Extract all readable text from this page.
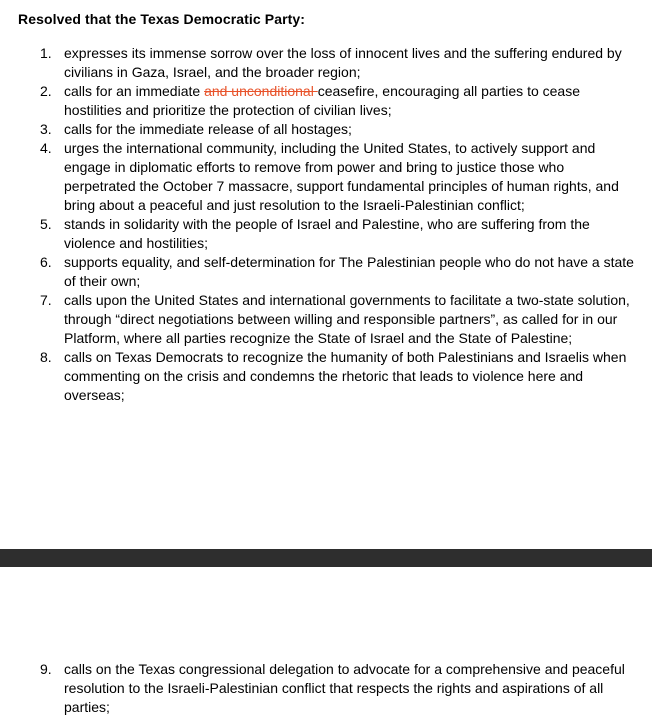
Resolved that the Texas Democratic Party:
1. expresses its immense sorrow over the loss of innocent lives and the suffering endured by civilians in Gaza, Israel, and the broader region;
2. calls for an immediate and unconditional ceasefire, encouraging all parties to cease hostilities and prioritize the protection of civilian lives;
3. calls for the immediate release of all hostages;
4. urges the international community, including the United States, to actively support and engage in diplomatic efforts to remove from power and bring to justice those who perpetrated the October 7 massacre, support fundamental principles of human rights, and bring about a peaceful and just resolution to the Israeli-Palestinian conflict;
5. stands in solidarity with the people of Israel and Palestine, who are suffering from the violence and hostilities;
6. supports equality, and self-determination for The Palestinian people who do not have a state of their own;
7. calls upon the United States and international governments to facilitate a two-state solution, through “direct negotiations between willing and responsible partners”, as called for in our Platform, where all parties recognize the State of Israel and the State of Palestine;
8. calls on Texas Democrats to recognize the humanity of both Palestinians and Israelis when commenting on the crisis and condemns the rhetoric that leads to violence here and overseas;
9. calls on the Texas congressional delegation to advocate for a comprehensive and peaceful resolution to the Israeli-Palestinian conflict that respects the rights and aspirations of all parties;
